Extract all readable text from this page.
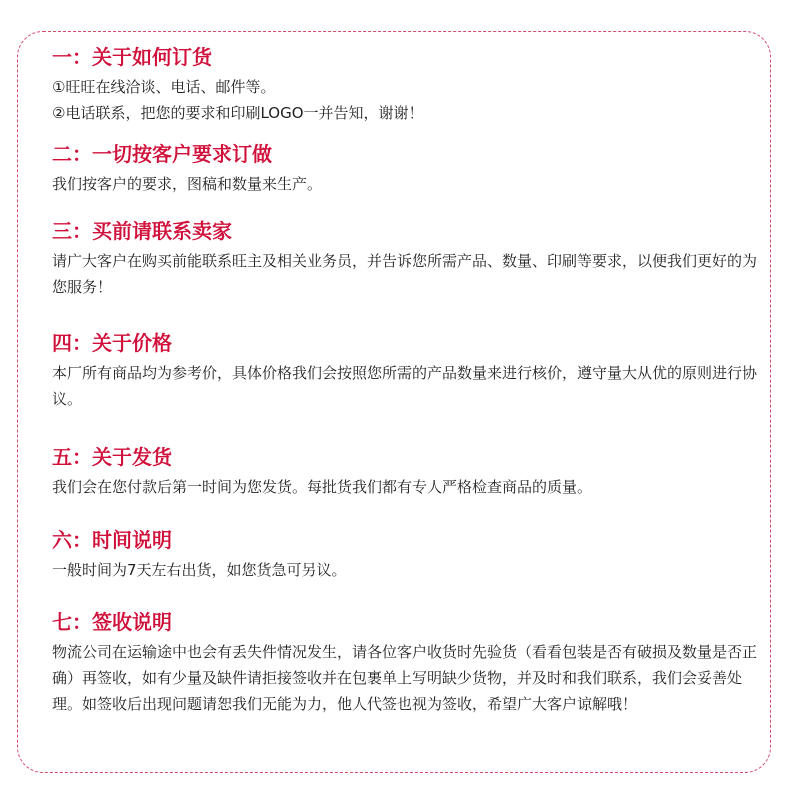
一：关于如何订货
①旺旺在线洽谈、电话、邮件等。
②电话联系，把您的要求和印刷LOGO一并告知，谢谢！
二：一切按客户要求订做

我们按客户的要求，图稿和数量来生产。

三：买前请联系卖家

请广大客户在购买前能联系旺主及相关业务员，并告诉您所需产品、数量、印刷等要求，以便我们更好的为您服务！

四：关于价格

本厂所有商品均为参考价，具体价格我们会按照您所需的产品数量来进行核价，遵守量大从优的原则进行协议。

五：关于发货

我们会在您付款后第一时间为您发货。每批货我们都有专人严格检查商品的质量。

六：时间说明

一般时间为7天左右出货，如您货急可另议。

七：签收说明

物流公司在运输途中也会有丢失件情况发生，请各位客户收货时先验货（看看包装是否有破损及数量是否正确）再签收，如有少量及缺件请拒接签收并在包裹单上写明缺少货物，并及时和我们联系，我们会妥善处理。如签收后出现问题请恕我们无能为力，他人代签也视为签收，希望广大客户谅解哦！
